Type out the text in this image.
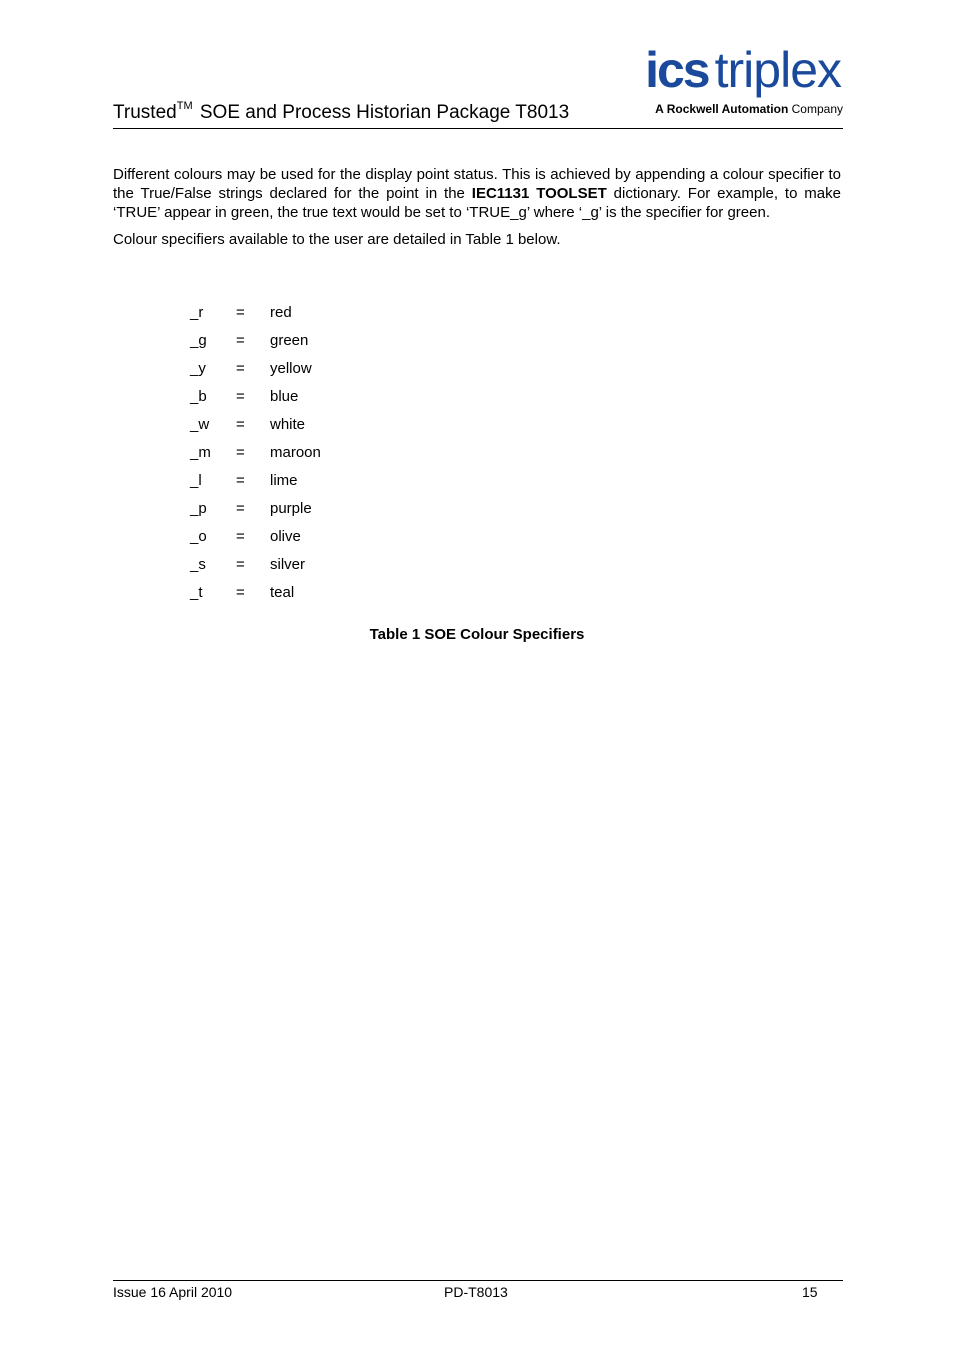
Trusted™ SOE and Process Historian Package T8013
ics triplex
A Rockwell Automation Company

Different colours may be used for the display point status. This is achieved by appending a colour specifier to the True/False strings declared for the point in the IEC1131 TOOLSET dictionary. For example, to make ‘TRUE’ appear in green, the true text would be set to ‘TRUE_g’ where ‘_g’ is the specifier for green.

Colour specifiers available to the user are detailed in Table 1 below.

_r = red
_g = green
_y = yellow
_b = blue
_w = white
_m = maroon
_l = lime
_p = purple
_o = olive
_s = silver
_t = teal
Table 1 SOE Colour Specifiers
Issue 16 April 2010	PD-T8013	15
